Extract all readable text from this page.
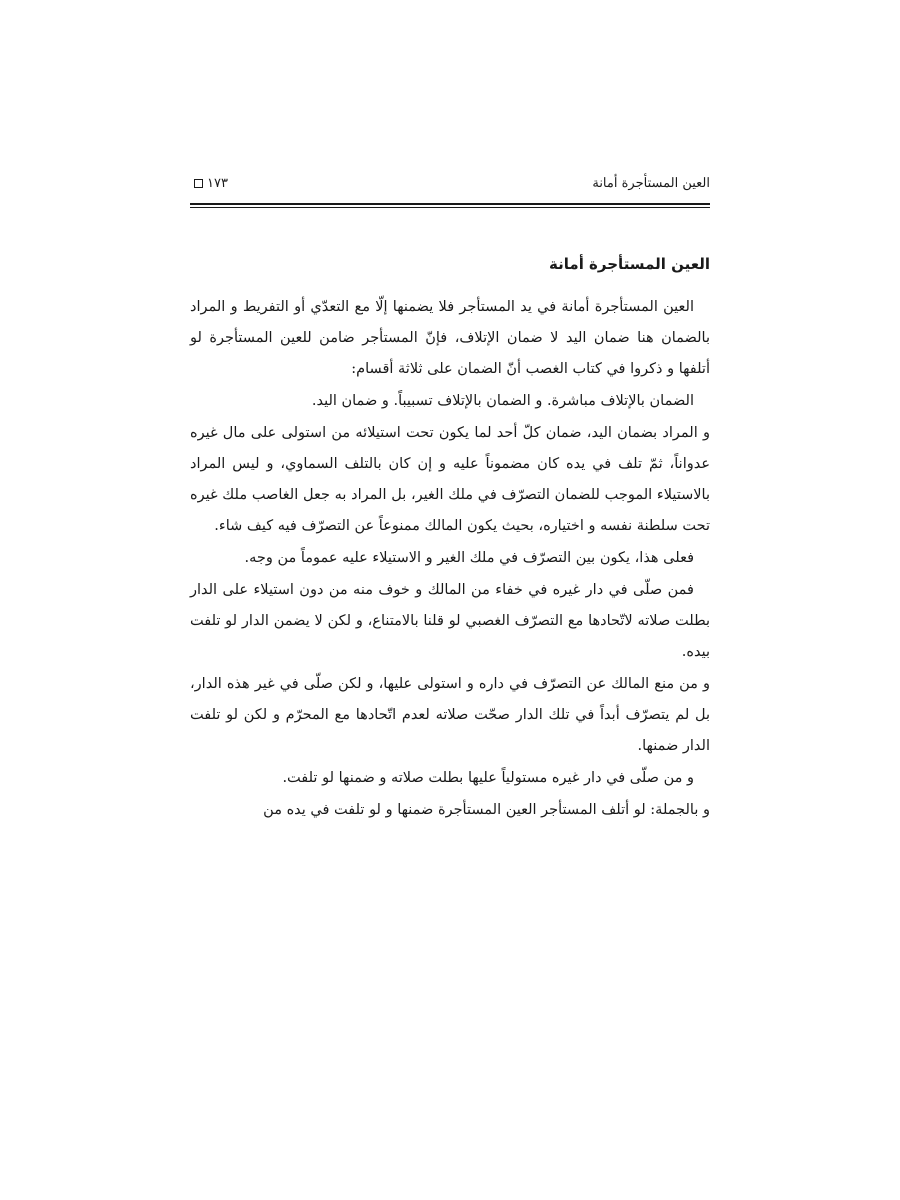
العين المستأجرة أمانة
١٧٣
العين المستأجرة أمانة

العين المستأجرة أمانة في يد المستأجر فلا يضمنها إلّا مع التعدّي أو التفريط و المراد بالضمان هنا ضمان اليد لا ضمان الإتلاف، فإنّ المستأجر ضامن للعين المستأجرة لو أتلفها و ذكروا في كتاب الغصب أنّ الضمان على ثلاثة أقسام:

الضمان بالإتلاف مباشرة. و الضمان بالإتلاف تسبيباً. و ضمان اليد.

و المراد بضمان اليد، ضمان كلّ أحد لما يكون تحت استيلائه من استولى على مال غيره عدواناً، ثمّ تلف في يده كان مضموناً عليه و إن كان بالتلف السماوي، و ليس المراد بالاستيلاء الموجب للضمان التصرّف في ملك الغير، بل المراد به جعل الغاصب ملك غيره تحت سلطنة نفسه و اختياره، بحيث يكون المالك ممنوعاً عن التصرّف فيه كيف شاء.

فعلى هذا، يكون بين التصرّف في ملك الغير و الاستيلاء عليه عموماً من وجه.

فمن صلّى في دار غيره في خفاء من المالك و خوف منه من دون استيلاء على الدار بطلت صلاته لاتّحادها مع التصرّف الغصبي لو قلنا بالامتناع، و لكن لا يضمن الدار لو تلفت بيده.

و من منع المالك عن التصرّف في داره و استولى عليها، و لكن صلّى في غير هذه الدار، بل لم يتصرّف أبداً في تلك الدار صحّت صلاته لعدم اتّحادها مع المحرّم و لكن لو تلفت الدار ضمنها.

و من صلّى في دار غيره مستولياً عليها بطلت صلاته و ضمنها لو تلفت.

و بالجملة: لو أتلف المستأجر العين المستأجرة ضمنها و لو تلفت في يده من
